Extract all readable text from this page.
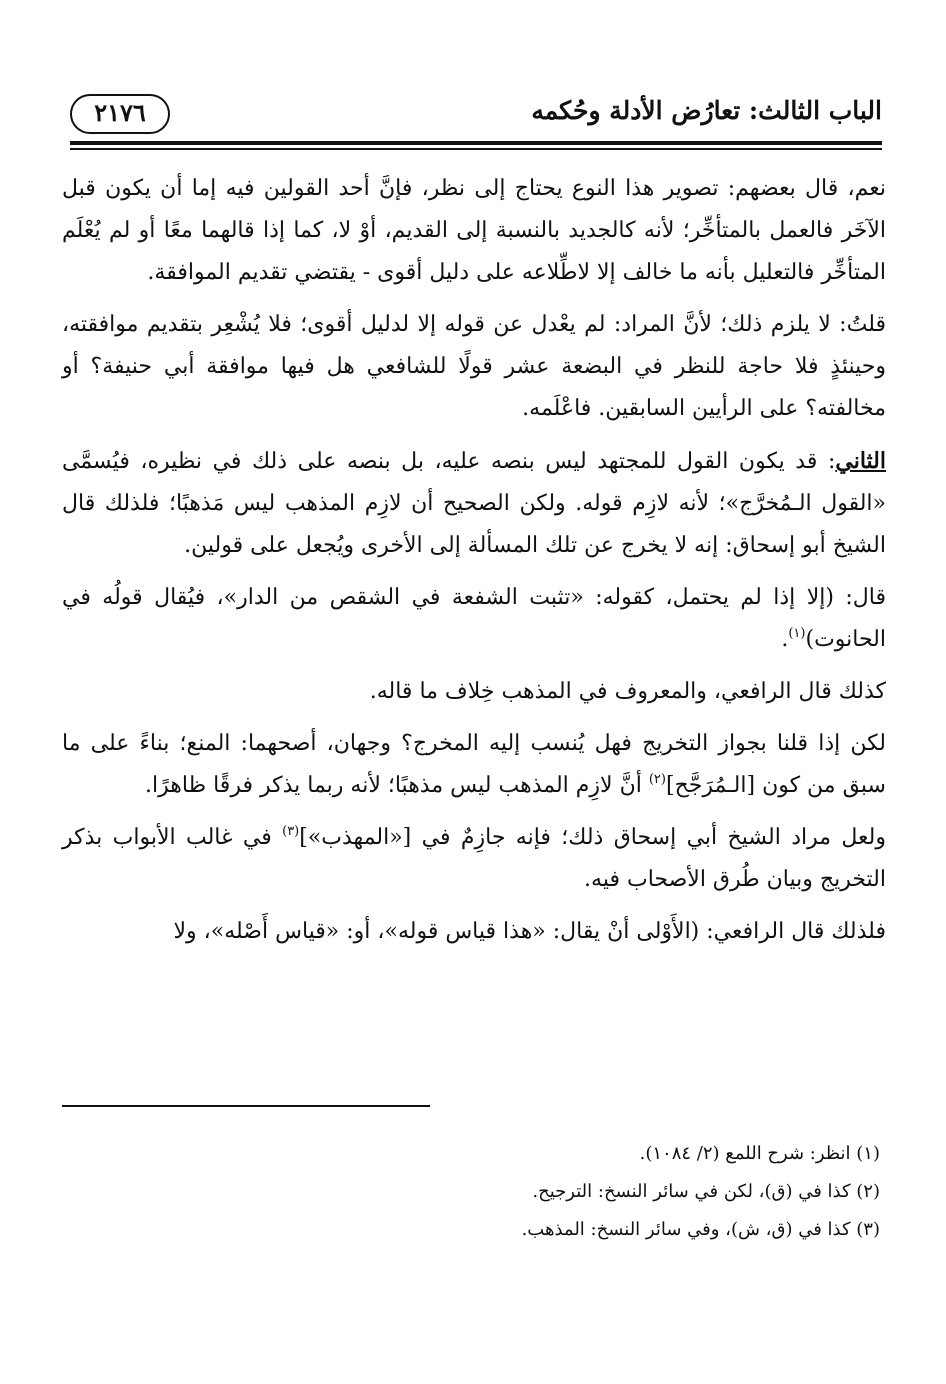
الباب الثالث: تعارُض الأدلة وحُكمه
٢١٧٦

نعم، قال بعضهم: تصوير هذا النوع يحتاج إلى نظر، فإنَّ أحد القولين فيه إما أن يكون قبل الآخَر فالعمل بالمتأخِّر؛ لأنه كالجديد بالنسبة إلى القديم، أوْ لا، كما إذا قالهما معًا أو لم يُعْلَم المتأخِّر فالتعليل بأنه ما خالف إلا لاطِّلاعه على دليل أقوى - يقتضي تقديم الموافقة.

قلتُ: لا يلزم ذلك؛ لأنَّ المراد: لم يعْدل عن قوله إلا لدليل أقوى؛ فلا يُشْعِر بتقديم موافقته، وحينئذٍ فلا حاجة للنظر في البضعة عشر قولًا للشافعي هل فيها موافقة أبي حنيفة؟ أو مخالفته؟ على الرأيين السابقين. فاعْلَمه.

الثاني: قد يكون القول للمجتهد ليس بنصه عليه، بل بنصه على ذلك في نظيره، فيُسمَّى «القول الـمُخرَّج»؛ لأنه لازِم قوله. ولكن الصحيح أن لازِم المذهب ليس مَذهبًا؛ فلذلك قال الشيخ أبو إسحاق: إنه لا يخرج عن تلك المسألة إلى الأخرى ويُجعل على قولين.

قال: (إلا إذا لم يحتمل، كقوله: «تثبت الشفعة في الشقص من الدار»، فيُقال قولُه في الحانوت)$^{(١)}$.

كذلك قال الرافعي، والمعروف في المذهب خِلاف ما قاله.

لكن إذا قلنا بجواز التخريج فهل يُنسب إليه المخرج؟ وجهان، أصحهما: المنع؛ بناءً على ما سبق من كون [الـمُرَجَّح]$^{(٢)}$ أنَّ لازِم المذهب ليس مذهبًا؛ لأنه ربما يذكر فرقًا ظاهرًا.

ولعل مراد الشيخ أبي إسحاق ذلك؛ فإنه جازِمٌ في [«المهذب»]$^{(٣)}$ في غالب الأبواب بذكر التخريج وبيان طُرق الأصحاب فيه.

فلذلك قال الرافعي: (الأَوْلى أنْ يقال: «هذا قياس قوله»، أو: «قياس أَصْله»، ولا

(١) انظر: شرح اللمع (٢/ ١٠٨٤).
(٢) كذا في (ق)، لكن في سائر النسخ: الترجيح.
(٣) كذا في (ق، ش)، وفي سائر النسخ: المذهب.
